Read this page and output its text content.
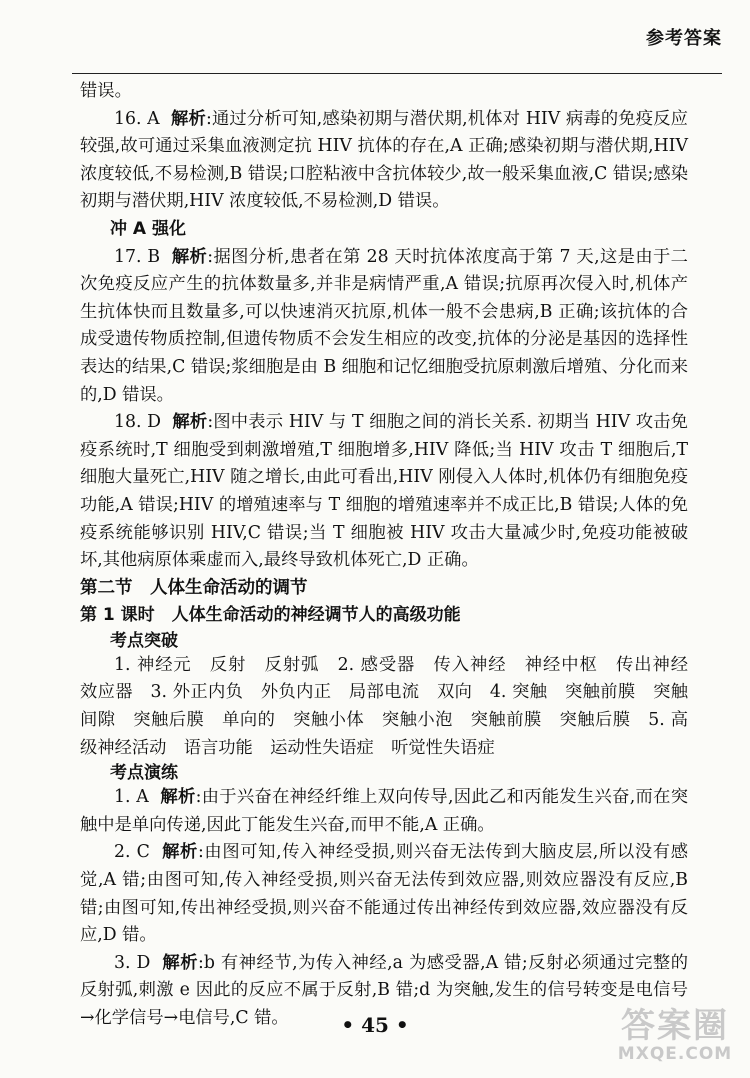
参考答案

错误。

16. A 解析:通过分析可知,感染初期与潜伏期,机体对 HIV 病毒的免疫反应较强,故可通过采集血液测定抗 HIV 抗体的存在,A 正确;感染初期与潜伏期,HIV 浓度较低,不易检测,B 错误;口腔粘液中含抗体较少,故一般采集血液,C 错误;感染初期与潜伏期,HIV 浓度较低,不易检测,D 错误。

冲 A 强化

17. B 解析:据图分析,患者在第 28 天时抗体浓度高于第 7 天,这是由于二次免疫反应产生的抗体数量多,并非是病情严重,A 错误;抗原再次侵入时,机体产生抗体快而且数量多,可以快速消灭抗原,机体一般不会患病,B 正确;该抗体的合成受遗传物质控制,但遗传物质不会发生相应的改变,抗体的分泌是基因的选择性表达的结果,C 错误;浆细胞是由 B 细胞和记忆细胞受抗原刺激后增殖、分化而来的,D 错误。

18. D 解析:图中表示 HIV 与 T 细胞之间的消长关系. 初期当 HIV 攻击免疫系统时,T 细胞受到刺激增殖,T 细胞增多,HIV 降低;当 HIV 攻击 T 细胞后,T 细胞大量死亡,HIV 随之增长,由此可看出,HIV 刚侵入人体时,机体仍有细胞免疫功能,A 错误;HIV 的增殖速率与 T 细胞的增殖速率并不成正比,B 错误;人体的免疫系统能够识别 HIV,C 错误;当 T 细胞被 HIV 攻击大量减少时,免疫功能被破坏,其他病原体乘虚而入,最终导致机体死亡,D 正确。

第二节　人体生命活动的调节

第 1 课时　人体生命活动的神经调节人的高级功能

考点突破

1. 神经元　反射　反射弧　2. 感受器　传入神经　神经中枢　传出神经　效应器　3. 外正内负　外负内正　局部电流　双向　4. 突触　突触前膜　突触间隙　突触后膜　单向的　突触小体　突触小泡　突触前膜　突触后膜　5. 高级神经活动　语言功能　运动性失语症　听觉性失语症

考点演练

1. A 解析:由于兴奋在神经纤维上双向传导,因此乙和丙能发生兴奋,而在突触中是单向传递,因此丁能发生兴奋,而甲不能,A 正确。

2. C 解析:由图可知,传入神经受损,则兴奋无法传到大脑皮层,所以没有感觉,A 错;由图可知,传入神经受损,则兴奋无法传到效应器,则效应器没有反应,B 错;由图可知,传出神经受损,则兴奋不能通过传出神经传到效应器,效应器没有反应,D 错。

3. D 解析:b 有神经节,为传入神经,a 为感受器,A 错;反射必须通过完整的反射弧,刺激 e 因此的反应不属于反射,B 错;d 为突触,发生的信号转变是电信号→化学信号→电信号,C 错。	• 45 •	答案圈
MXQE.COM
